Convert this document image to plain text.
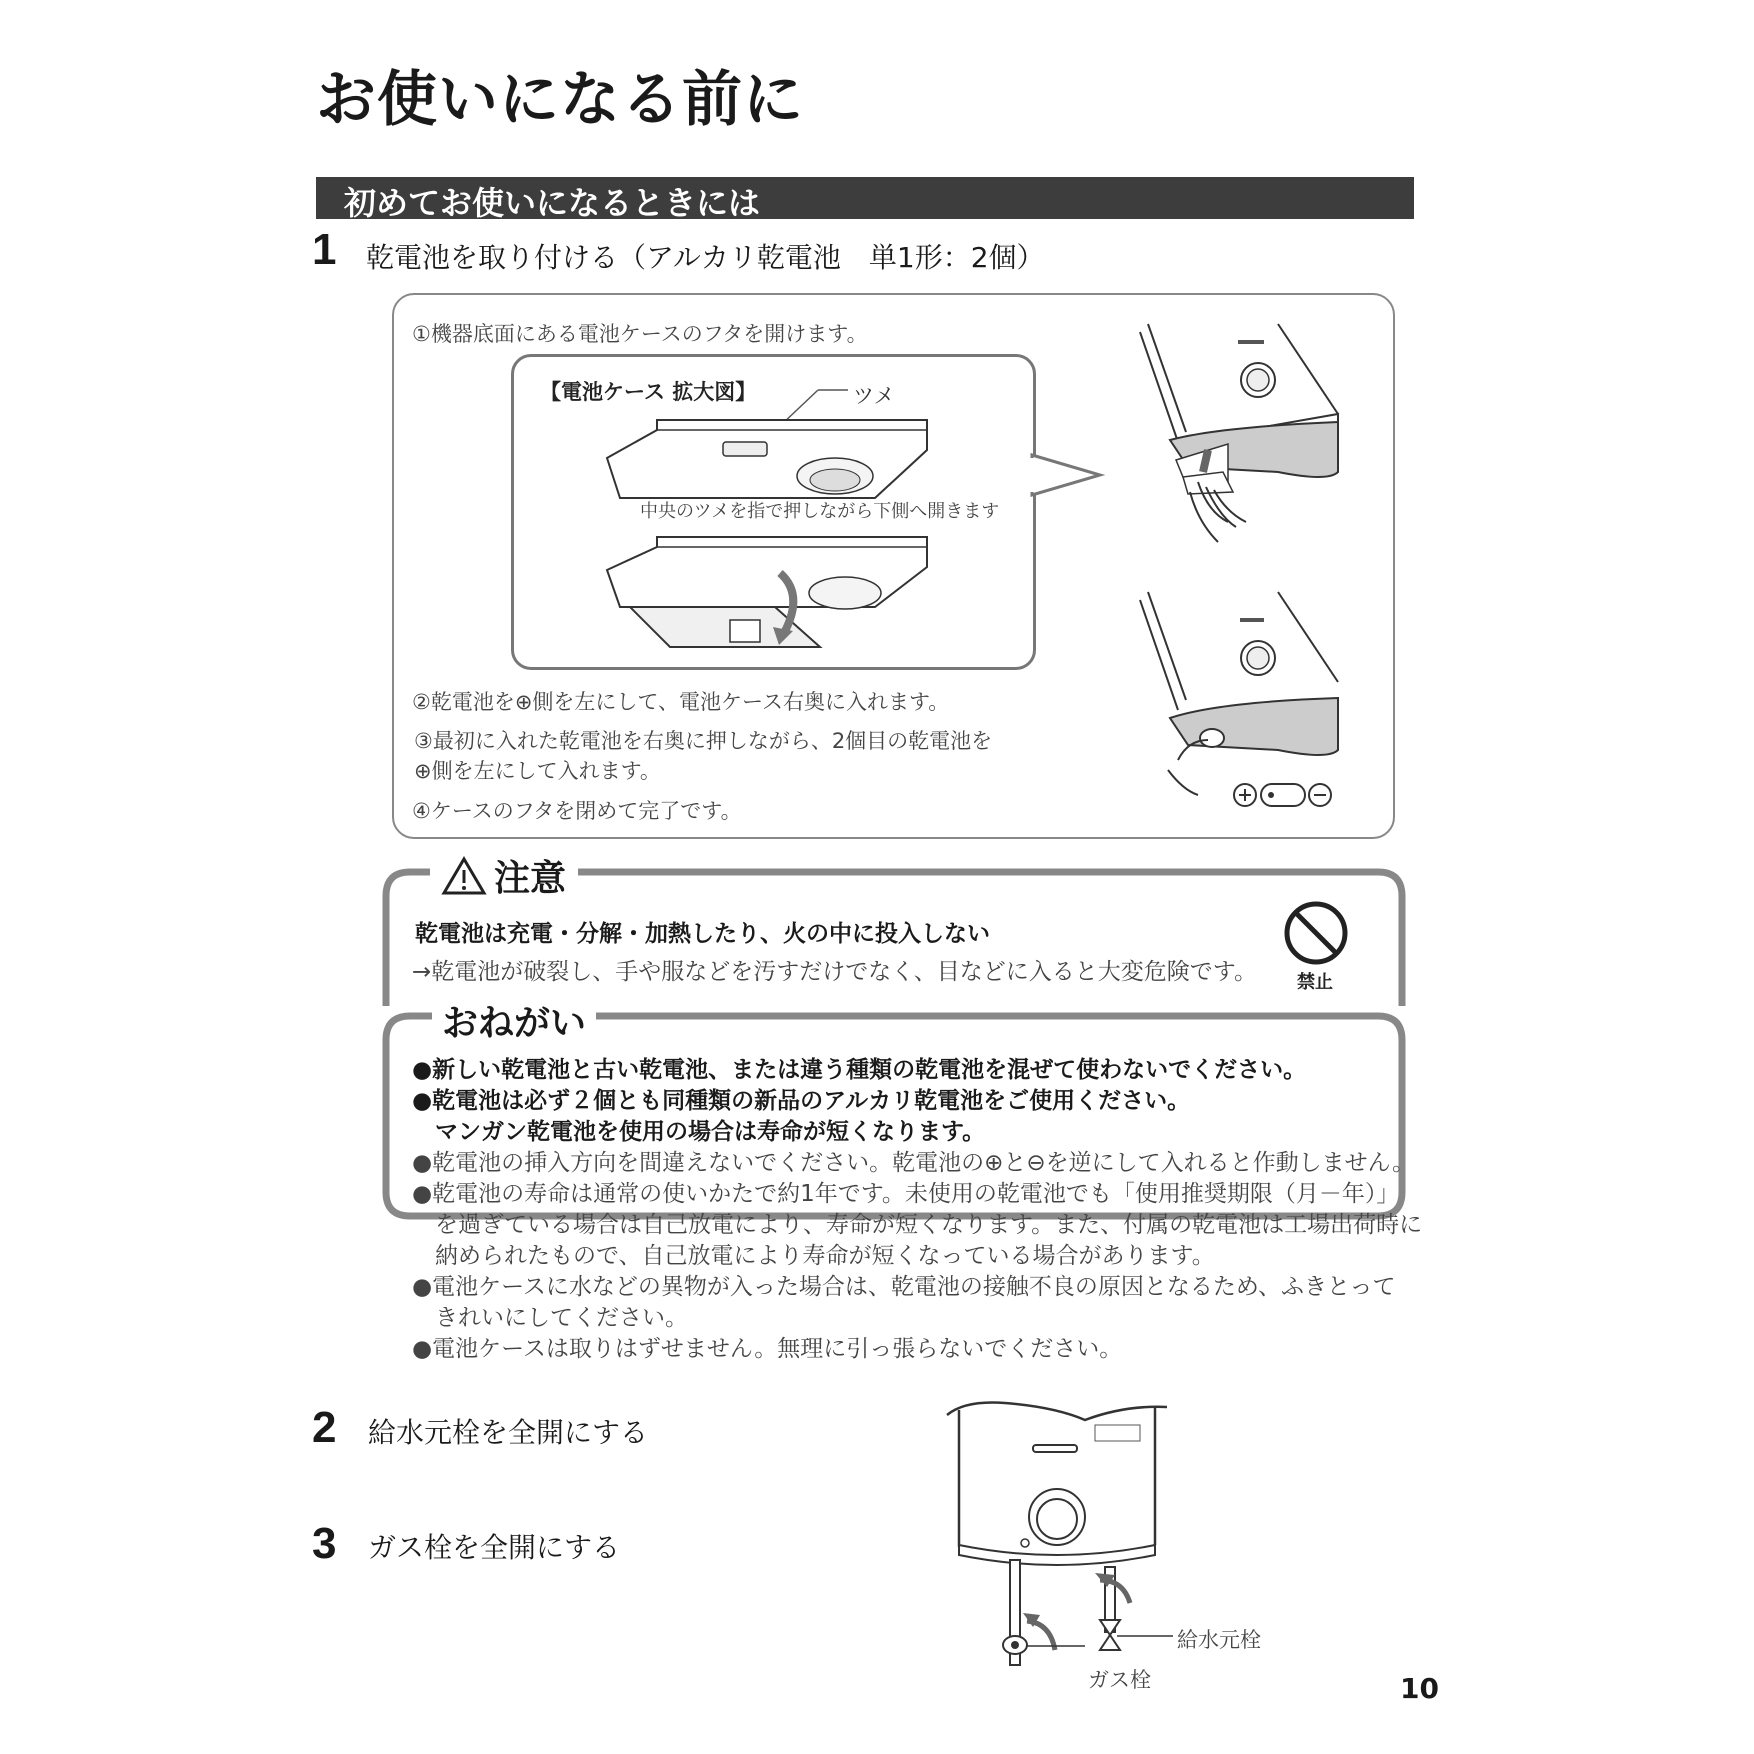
お使いになる前に
初めてお使いになるときには
1 乾電池を取り付ける（アルカリ乾電池　単1形：2個）
①機器底面にある電池ケースのフタを開けます。
【電池ケース 拡大図】	ツメ
中央のツメを指で押しながら下側へ開きます
②乾電池を⊕側を左にして、電池ケース右奥に入れます。
③最初に入れた乾電池を右奥に押しながら、2個目の乾電池を
⊕側を左にして入れます。
④ケースのフタを閉めて完了です。
注意
乾電池は充電・分解・加熱したり、火の中に投入しない
→乾電池が破裂し、手や服などを汚すだけでなく、目などに入ると大変危険です。 禁止
おねがい
●新しい乾電池と古い乾電池、または違う種類の乾電池を混ぜて使わないでください。
●乾電池は必ず２個とも同種類の新品のアルカリ乾電池をご使用ください。
　マンガン乾電池を使用の場合は寿命が短くなります。
●乾電池の挿入方向を間違えないでください。乾電池の⊕と⊖を逆にして入れると作動しません。
●乾電池の寿命は通常の使いかたで約1年です。未使用の乾電池でも「使用推奨期限（月－年）」
　を過ぎている場合は自己放電により、寿命が短くなります。また、付属の乾電池は工場出荷時に
　納められたもので、自己放電により寿命が短くなっている場合があります。
●電池ケースに水などの異物が入った場合は、乾電池の接触不良の原因となるため、ふきとって
　きれいにしてください。
●電池ケースは取りはずせません。無理に引っ張らないでください。
2 給水元栓を全開にする
3 ガス栓を全開にする
給水元栓
ガス栓	10
